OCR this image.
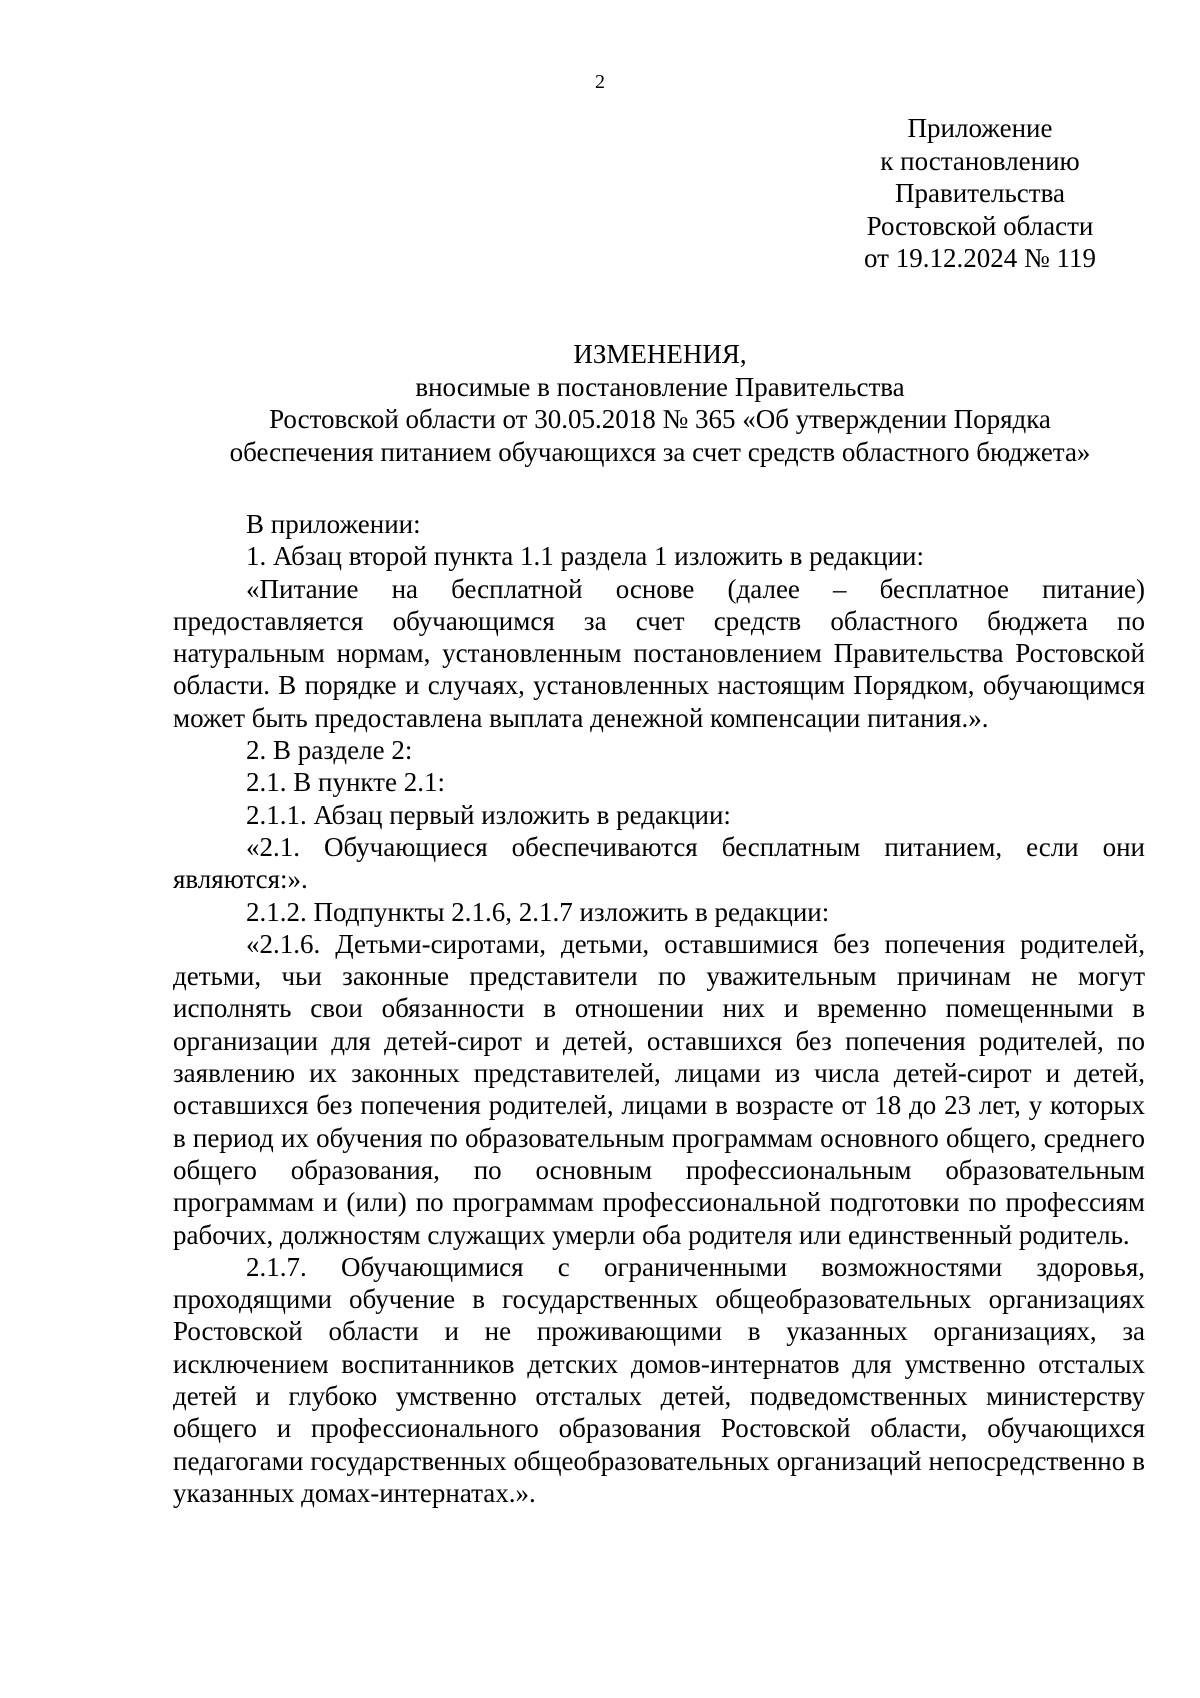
2
Приложение
к постановлению
Правительства
Ростовской области
от 19.12.2024 № 119
ИЗМЕНЕНИЯ,
вносимые в постановление Правительства
Ростовской области от 30.05.2018 № 365 «Об утверждении Порядка
обеспечения питанием обучающихся за счет средств областного бюджета»

В приложении:

1. Абзац второй пункта 1.1 раздела 1 изложить в редакции:

«Питание на бесплатной основе (далее – бесплатное питание) предоставляется обучающимся за счет средств областного бюджета по натуральным нормам, установленным постановлением Правительства Ростовской области. В порядке и случаях, установленных настоящим Порядком, обучающимся может быть предоставлена выплата денежной компенсации питания.».

2. В разделе 2:

2.1. В пункте 2.1:

2.1.1. Абзац первый изложить в редакции:

«2.1. Обучающиеся обеспечиваются бесплатным питанием, если они являются:».

2.1.2. Подпункты 2.1.6, 2.1.7 изложить в редакции:

«2.1.6. Детьми-сиротами, детьми, оставшимися без попечения родителей, детьми, чьи законные представители по уважительным причинам не могут исполнять свои обязанности в отношении них и временно помещенными в организации для детей-сирот и детей, оставшихся без попечения родителей, по заявлению их законных представителей, лицами из числа детей-сирот и детей, оставшихся без попечения родителей, лицами в возрасте от 18 до 23 лет, у которых в период их обучения по образовательным программам основного общего, среднего общего образования, по основным профессиональным образовательным программам и (или) по программам профессиональной подготовки по профессиям рабочих, должностям служащих умерли оба родителя или единственный родитель.

2.1.7. Обучающимися с ограниченными возможностями здоровья, проходящими обучение в государственных общеобразовательных организациях Ростовской области и не проживающими в указанных организациях, за исключением воспитанников детских домов-интернатов для умственно отсталых детей и глубоко умственно отсталых детей, подведомственных министерству общего и профессионального образования Ростовской области, обучающихся педагогами государственных общеобразовательных организаций непосредственно в указанных домах-интернатах.».
